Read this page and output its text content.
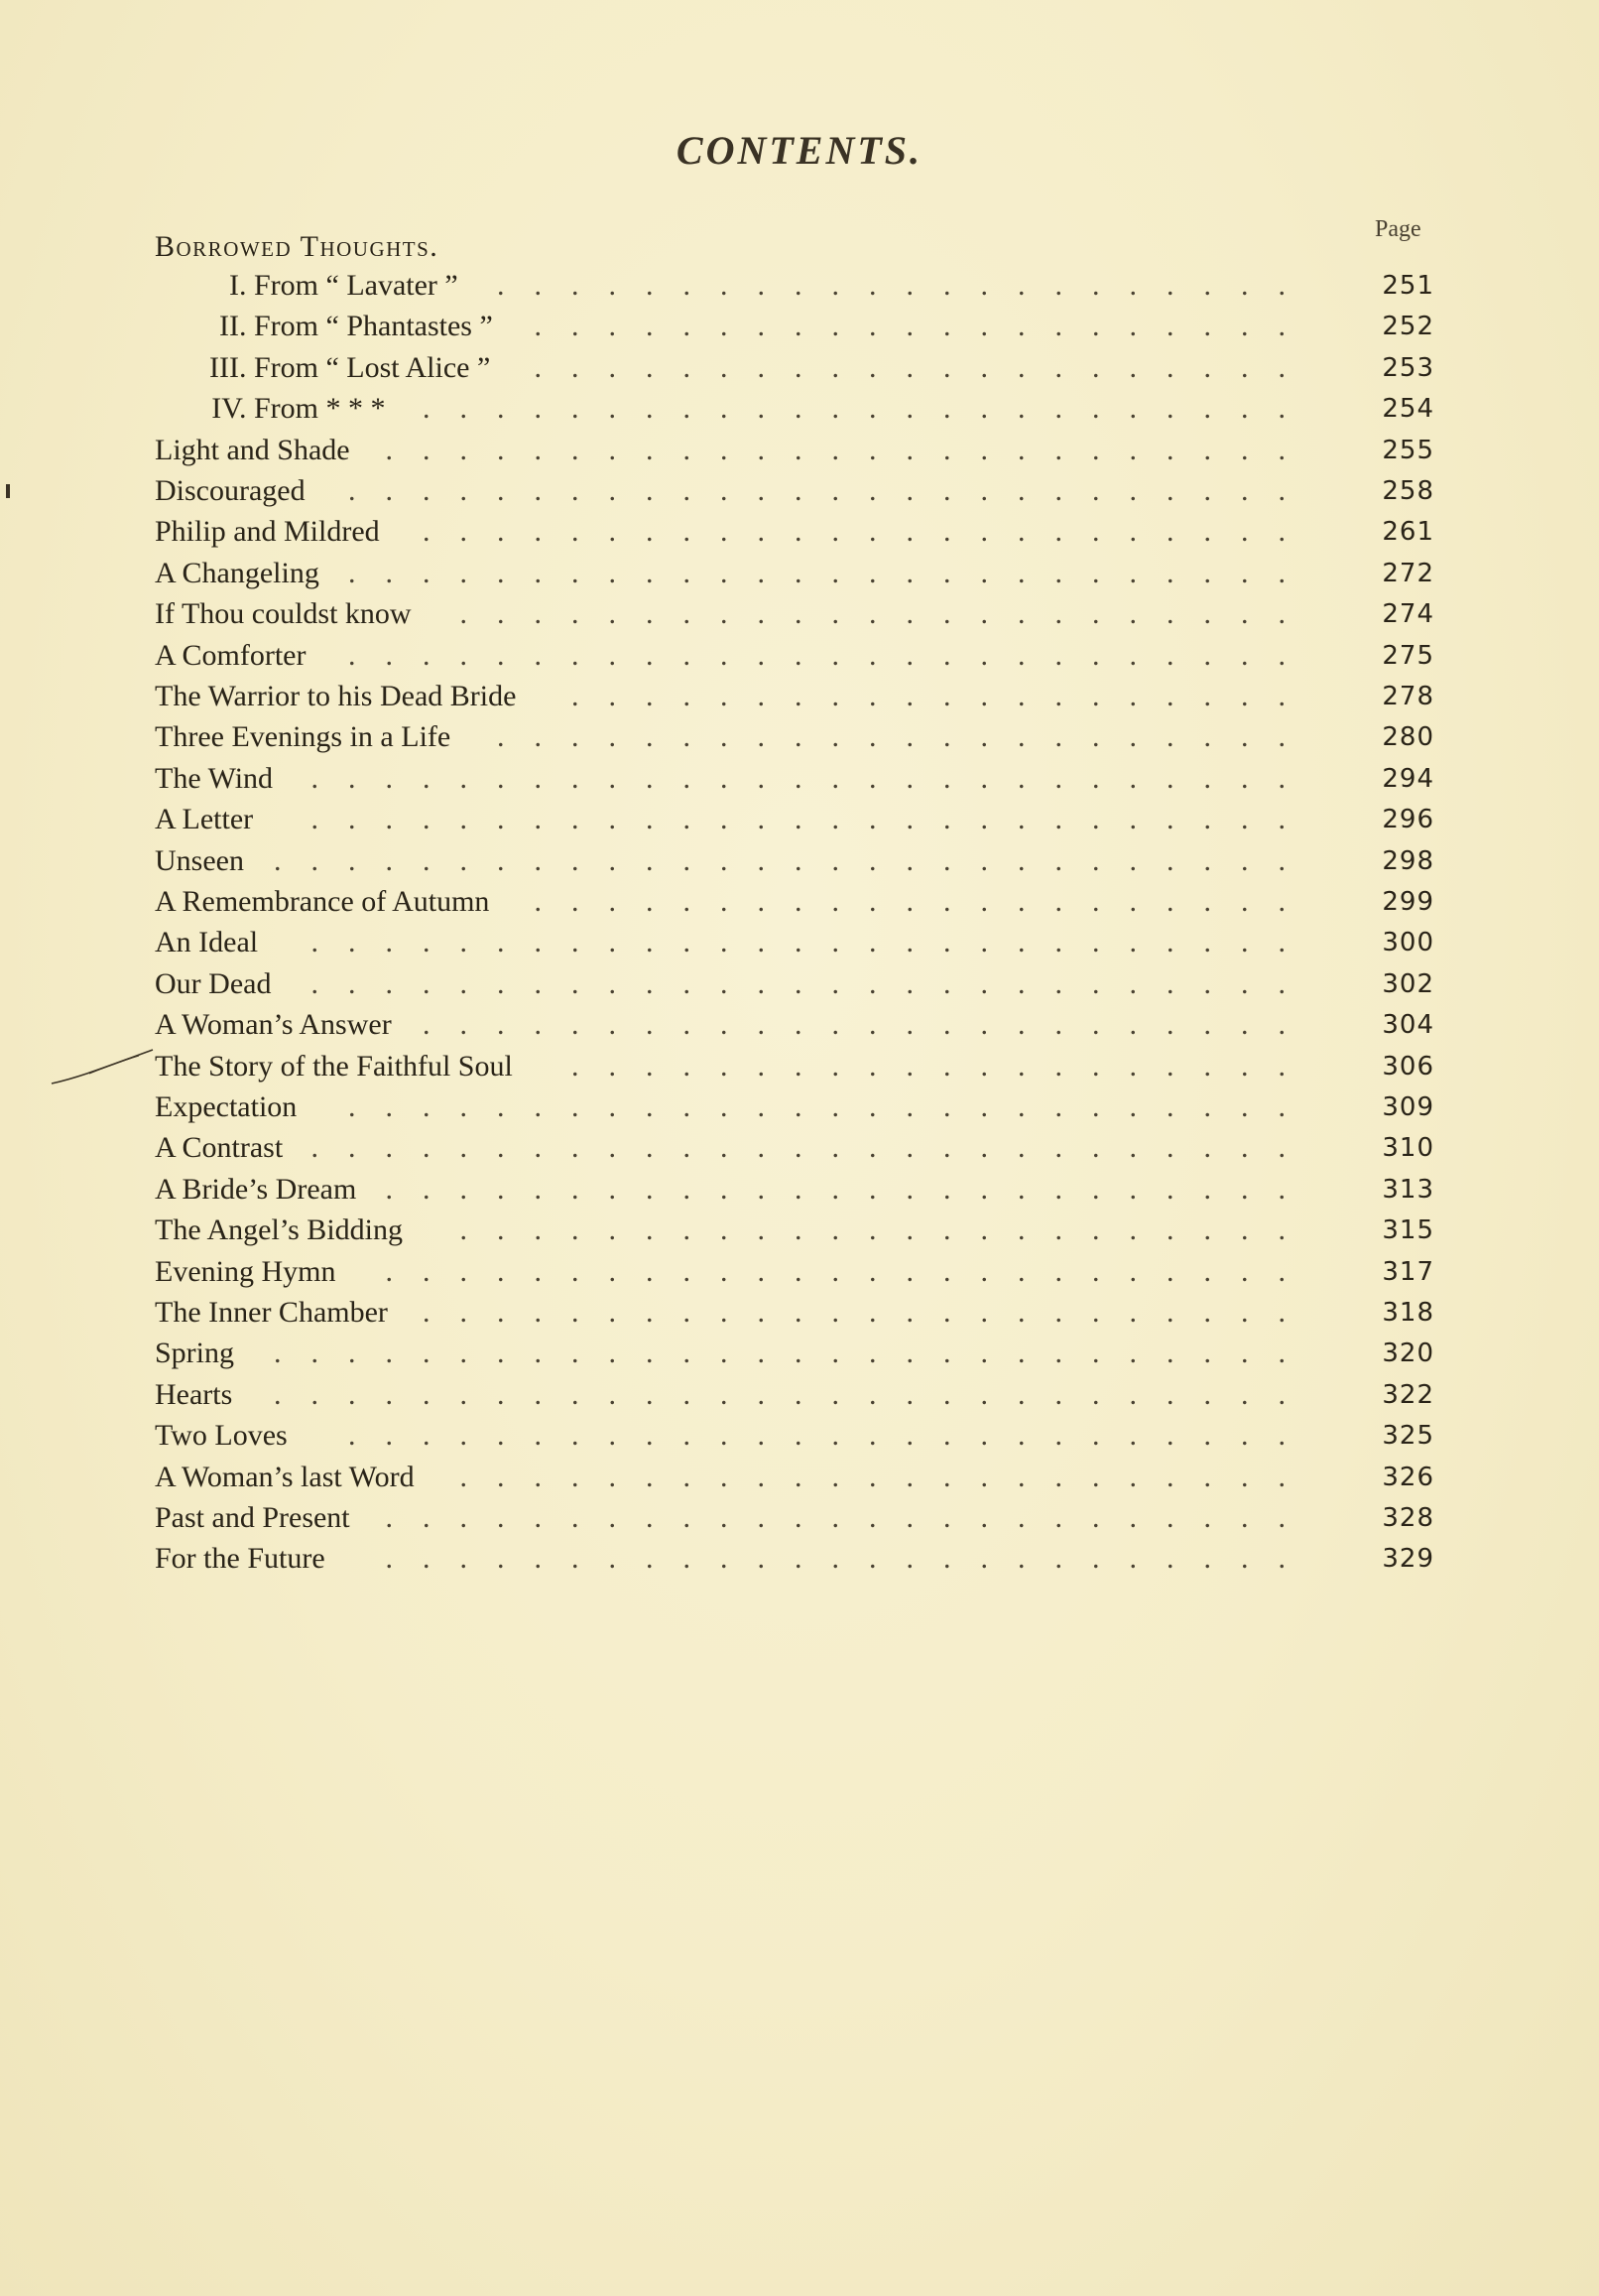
CONTENTS.
Page
Borrowed Thoughts.
I. From “ Lavater ”	......................	251
II. From “ Phantastes ”	.....................	252
III. From “ Lost Alice ”	.....................	253
IV. From * * *	........................	254
Light and Shade	.........................	255
Discouraged	..........................	258
Philip and Mildred	........................	261
A Changeling ..........................	272
If Thou couldst know	.......................	274
A Comforter	..........................	275
The Warrior to his Dead Bride	....................	278
Three Evenings in a Life	......................	280
The Wind	...........................	294
A Letter	...........................	296
Unseen	............................	298
A Remembrance of Autumn	.....................	299
An Ideal	...........................	300
Our Dead	...........................	302
A Woman’s Answer	........................	304
The Story of the Faithful Soul	....................	306
Expectation	..........................	309
A Contrast ...........................	310
A Bride’s Dream .........................	313
The Angel’s Bidding	.......................	315
Evening Hymn	.........................	317
The Inner Chamber	........................	318
Spring	............................	320
Hearts	............................	322
Two Loves	..........................	325
A Woman’s last Word	.......................	326
Past and Present	.........................	328
For the Future	.........................	329
